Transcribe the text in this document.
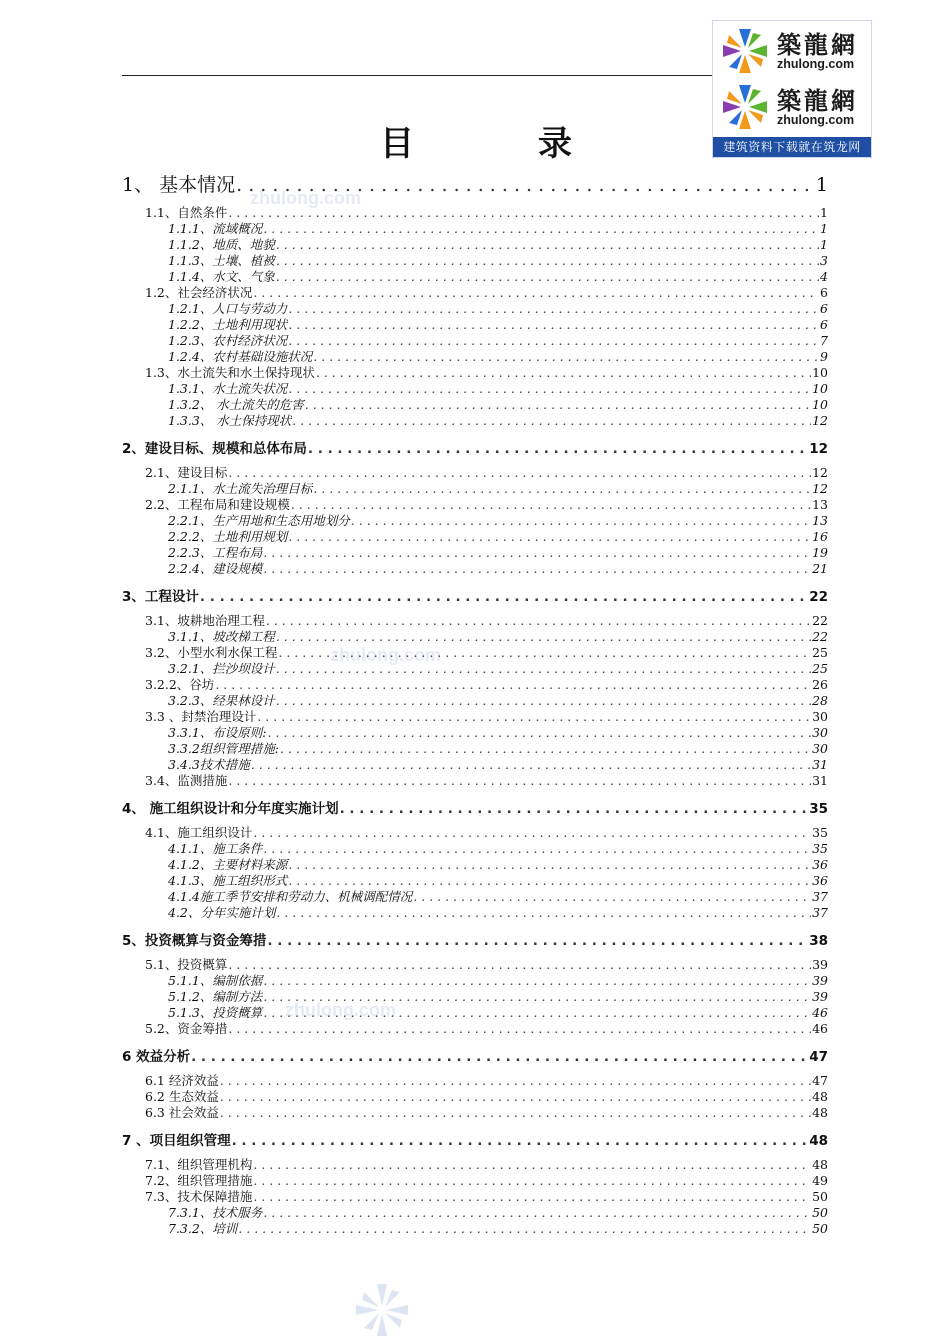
築龍網
zhulong.com
築龍網
zhulong.com
建筑资料下载就在筑龙网
目	录
zhulong.com
zhulong.com
zhulong.com
1、 基本情况 . . .	1
1.1、自然条件 . . .	1
1.1.1、流域概况 . . .	1
1.1.2、地质、地貌 . . .	1
1.1.3、土壤、植被 . . .	3
1.1.4、水文、气象 . . .	4
1.2、社会经济状况 . . .	6
1.2.1、人口与劳动力 . . .	6
1.2.2、土地利用现状 . . .	6
1.2.3、农村经济状况 . . .	7
1.2.4、农村基础设施状况 . . .	9
1.3、水土流失和水土保持现状 . . .	10
1.3.1、水土流失状况 . . .	10
1.3.2、 水土流失的危害 . . .	10
1.3.3、 水土保持现状 . . .	12
2、建设目标、规模和总体布局 . . .	12
2.1、建设目标 . . .	12
2.1.1、水土流失治理目标 . . .	12
2.2、工程布局和建设规模 . . .	13
2.2.1、生产用地和生态用地划分 . . .	13
2.2.2、土地利用规划 . . .	16
2.2.3、工程布局 . . .	19
2.2.4、建设规模 . . .	21
3、工程设计 . . .	22
3.1、坡耕地治理工程 . . .	22
3.1.1、坡改梯工程 . . .	22
3.2、小型水利水保工程 . . .	25
3.2.1、拦沙坝设计 . . .	25
3.2.2、谷坊 . . .	26
3.2.3、经果林设计 . . .	28
3.3 、封禁治理设计 . . .	30
3.3.1、布设原则: . . .	30
3.3.2组织管理措施: . . .	30
3.4.3技术措施 . . .	31
3.4、监测措施 . . .	31
4、 施工组织设计和分年度实施计划 . . .	35
4.1、施工组织设计 . . .	35
4.1.1、施工条件 . . .	35
4.1.2、主要材料来源 . . .	36
4.1.3、施工组织形式 . . .	36
4.1.4施工季节安排和劳动力、机械调配情况 . . .	37
4.2、分年实施计划 . . .	37
5、投资概算与资金筹措 . . .	38
5.1、投资概算 . . .	39
5.1.1、编制依据 . . .	39
5.1.2、编制方法 . . .	39
5.1.3、投资概算 . . .	46
5.2、资金筹措 . . .	46
6 效益分析 . . .	47
6.1 经济效益 . . .	47
6.2 生态效益 . . .	48
6.3 社会效益 . . .	48
7 、项目组织管理 . . .	48
7.1、组织管理机构 . . .	48
7.2、组织管理措施 . . .	49
7.3、技术保障措施 . . .	50
7.3.1、技术服务 . . .	50
7.3.2、培训 . . .	50
